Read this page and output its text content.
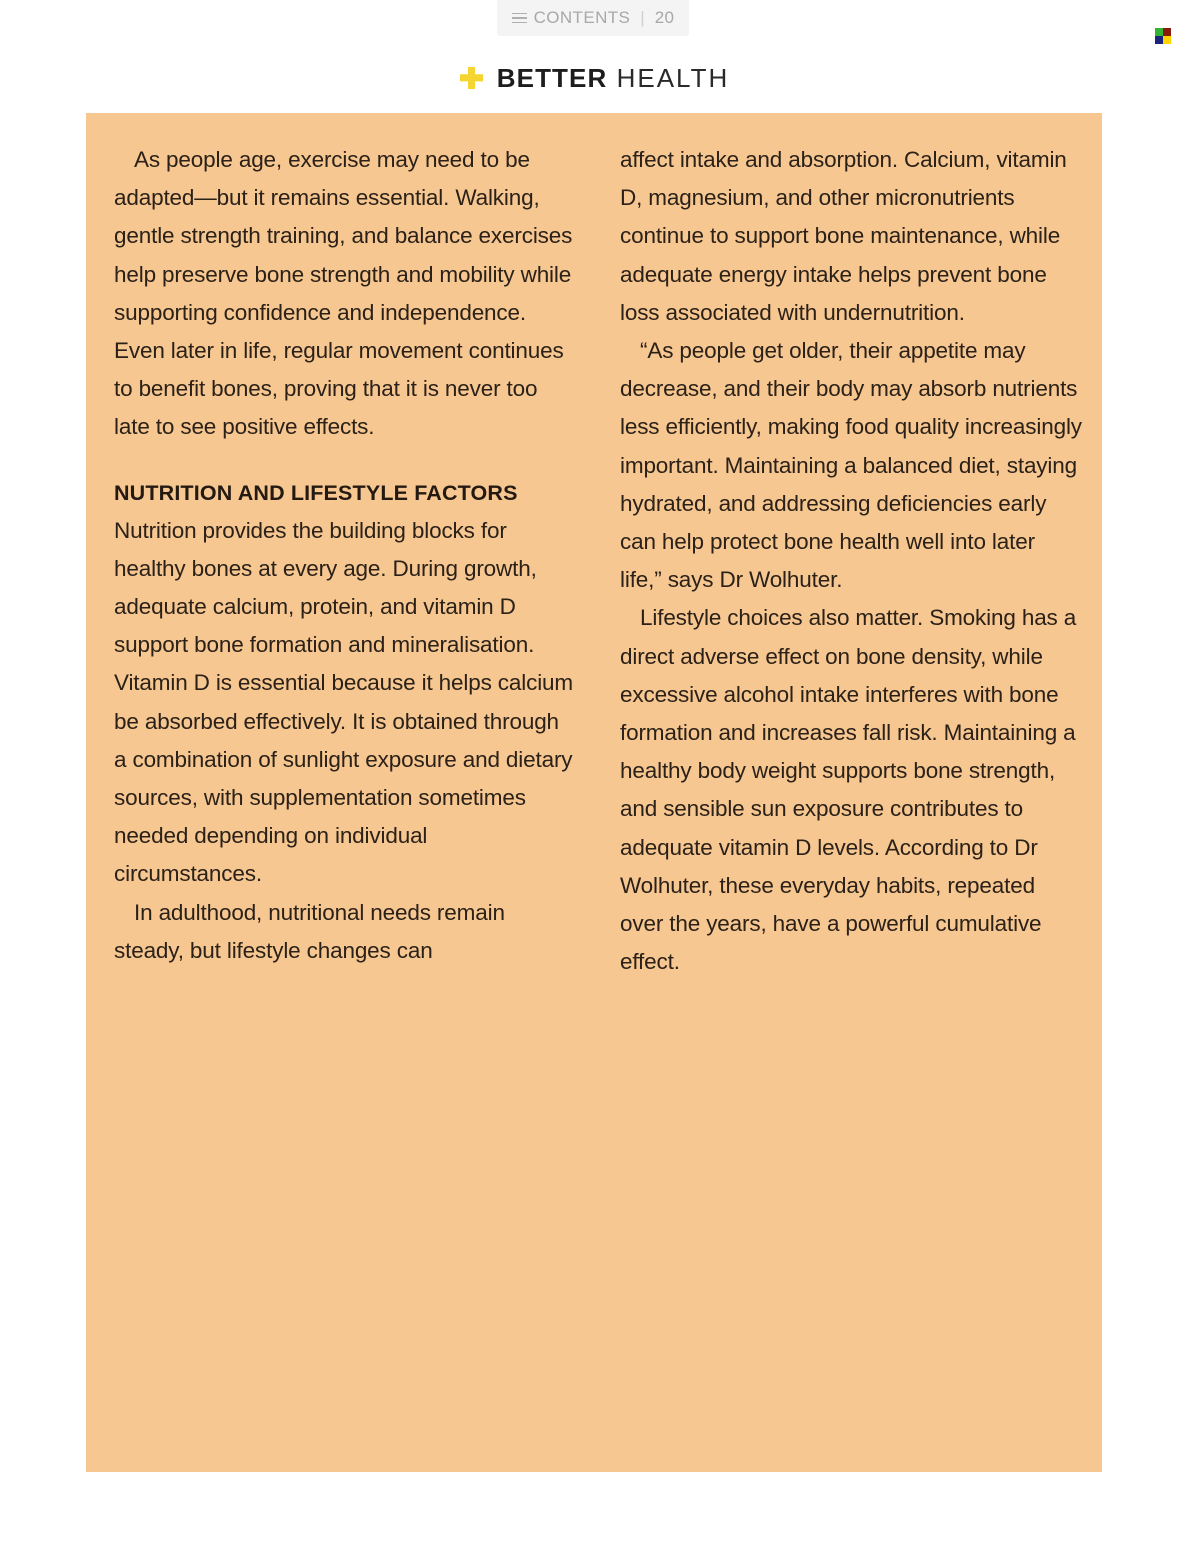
CONTENTS | 20
BETTER HEALTH

As people age, exercise may need to be adapted—but it remains essential. Walking, gentle strength training, and balance exercises help preserve bone strength and mobility while supporting confidence and independence. Even later in life, regular movement continues to benefit bones, proving that it is never too late to see positive effects.

NUTRITION AND LIFESTYLE FACTORS

Nutrition provides the building blocks for healthy bones at every age. During growth, adequate calcium, protein, and vitamin D support bone formation and mineralisation. Vitamin D is essential because it helps calcium be absorbed effectively. It is obtained through a combination of sunlight exposure and dietary sources, with supplementation sometimes needed depending on individual circumstances.

In adulthood, nutritional needs remain steady, but lifestyle changes can

affect intake and absorption. Calcium, vitamin D, magnesium, and other micronutrients continue to support bone maintenance, while adequate energy intake helps prevent bone loss associated with undernutrition.

“As people get older, their appetite may decrease, and their body may absorb nutrients less efficiently, making food quality increasingly important. Maintaining a balanced diet, staying hydrated, and addressing deficiencies early can help protect bone health well into later life,” says Dr Wolhuter.

Lifestyle choices also matter. Smoking has a direct adverse effect on bone density, while excessive alcohol intake interferes with bone formation and increases fall risk. Maintaining a healthy body weight supports bone strength, and sensible sun exposure contributes to adequate vitamin D levels. According to Dr Wolhuter, these everyday habits, repeated over the years, have a powerful cumulative effect.
